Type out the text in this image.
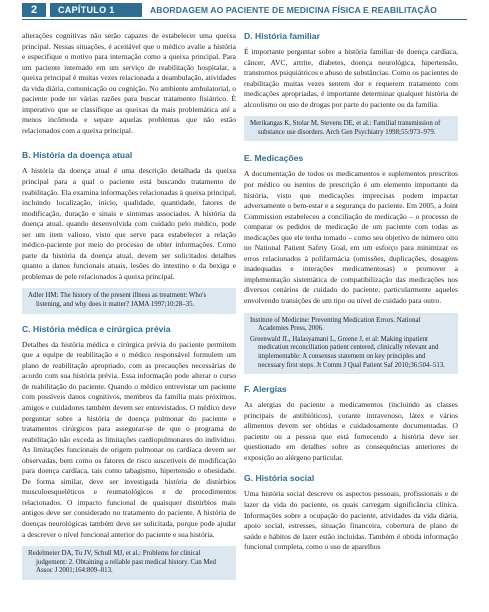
2	CAPÍTULO 1	ABORDAGEM AO PACIENTE DE MEDICINA FÍSICA E REABILITAÇÃO

alterações cognitivas não serão capazes de estabelecer uma queixa principal. Nessas situações, é aceitável que o médico avalie a história e especifique o motivo para internação como a queixa principal. Para um paciente internado em um serviço de reabilitação hospitalar, a queixa principal é muitas vezes relacionada a deambulação, atividades da vida diária, comunicação ou cognição. No ambiente ambulatorial, o paciente pode ter várias razões para buscar tratamento fisiátrico. É imperativo que se classifique as queixas da mais problemática até a menos incômoda e separe aquelas problemas que não estão relacionados com a queixa principal.

B. História da doença atual

A história da doença atual é uma descrição detalhada da queixa principal para a qual o paciente está buscando tratamento de reabilitação. Ela examina informações relacionadas à queixa principal, incluindo localização, início, qualidade, quantidade, fatores de modificação, duração e sinais e sintomas associados. A história da doença atual, quando desenvolvida com cuidado pelo médico, pode ser um item valioso, visto que serve para estabelecer a relação médico-paciente por meio do processo de obter informações. Como parte da história da doença atual, devem ser solicitados detalhes quanto a danos funcionais atuais, lesões do intestino e da bexiga e problemas de pele relacionados à queixa principal.

Adler HM: The history of the present illness as treatment: Who's listening, and why does it matter? JAMA 1997;10:28–35.

C. História médica e cirúrgica prévia

Detalhes da história médica e cirúrgica prévia do paciente permitem que a equipe de reabilitação e o médico responsável formulem um plano de reabilitação apropriado, com as precauções necessárias de acordo com sua história prévia. Essa informação pode alterar o curso de reabilitação do paciente. Quando o médico entrevistar um paciente com possíveis danos cognitivos, membros da família mais próximos, amigos e cuidadores também devem ser entrevistados. O médico deve perguntar sobre a história de doença pulmonar do paciente e tratamentos cirúrgicos para assegurar-se de que o programa de reabilitação não exceda as limitações cardiopulmonares do indivíduo. As limitações funcionais de origem pulmonar ou cardíaca devem ser observadas, bem como os fatores de risco suscetíveis de modificação para doença cardíaca, tais como tabagismo, hipertensão e obesidade. De forma similar, deve ser investigada história de distúrbios musculoesqueléticos e reumatológicos e de procedimentos relacionados. O impacto funcional de quaisquer distúrbios mais antigos deve ser considerado no tratamento do paciente. A história de doenças neurológicas também deve ser solicitada, porque pode ajudar a descrever o nível funcional anterior do paciente e sua história.

Redelmeier DA, Tu JV, Schull MJ, et al.: Problems for clinical judgement: 2. Obtaining a reliable past medical history. Can Med Assoc J 2001;164:809–813.

D. História familiar

É importante perguntar sobre a história familiar de doença cardíaca, câncer, AVC, artrite, diabetes, doença neurológica, hipertensão, transtornos psiquiátricos e abuso de substâncias. Como os pacientes de reabilitação muitas vezes sentem dor e requerem tratamento com medicações apropriadas, é importante determinar qualquer história de alcoolismo ou uso de drogas por parte do paciente ou da família.

Merikangas K, Stolar M, Stevens DE, et al.: Familial transmission of substance use disorders. Arch Gen Psychiatry 1998;55:973–979.

E. Medicações

A documentação de todos os medicamentos e suplementos prescritos por médico ou isentos de prescrição é um elemento importante da história, visto que medicações imprecisas podem impactar adversamente o bem-estar e a segurança do paciente. Em 2005, a Joint Commission estabeleceu a conciliação de medicação – o processo de comparar os pedidos de medicação de um paciente com todas as medicações que ele tenha tomado – como seu objetivo de número oito no National Patient Safety Goal, em um esforço para minimizar os erros relacionados à polifarmácia (omissões, duplicações, dosagens inadequadas e interações medicamentosas) e promover a implementação sistemática de compatibilização das medicações nos diversos cenários de cuidado do paciente, particularmente aqueles envolvendo transições de um tipo ou nível de cuidado para outro.

Institute of Medicine: Preventing Medication Errors. National Academies Press, 2006.

Greenwald JL, Halasyamani L, Greene J, et al: Making inpatient medication reconciliation patient centered, clinically relevant and implementable: A consensus statement on key principles and necessary first steps. Jt Comm J Qual Patient Saf 2010;36:504–513.

F. Alergias

As alergias do paciente a medicamentos (incluindo as classes principais de antibióticos), corante intravenoso, látex e vários alimentos devem ser obtidas e cuidadosamente documentadas. O paciente ou a pessoa que está fornecendo a história deve ser questionado em detalhes sobre as consequências anteriores de exposição ao alérgeno particular.

G. História social

Uma história social descreve os aspectos pessoais, profissionais e de lazer da vida do paciente, os quais carregam significância clínica. Informações sobre a ocupação do paciente, atividades da vida diária, apoio social, estresses, situação financeira, cobertura de plano de saúde e hábitos de lazer estão incluídas. Também é obtida informação funcional completa, como o uso de aparelhos
